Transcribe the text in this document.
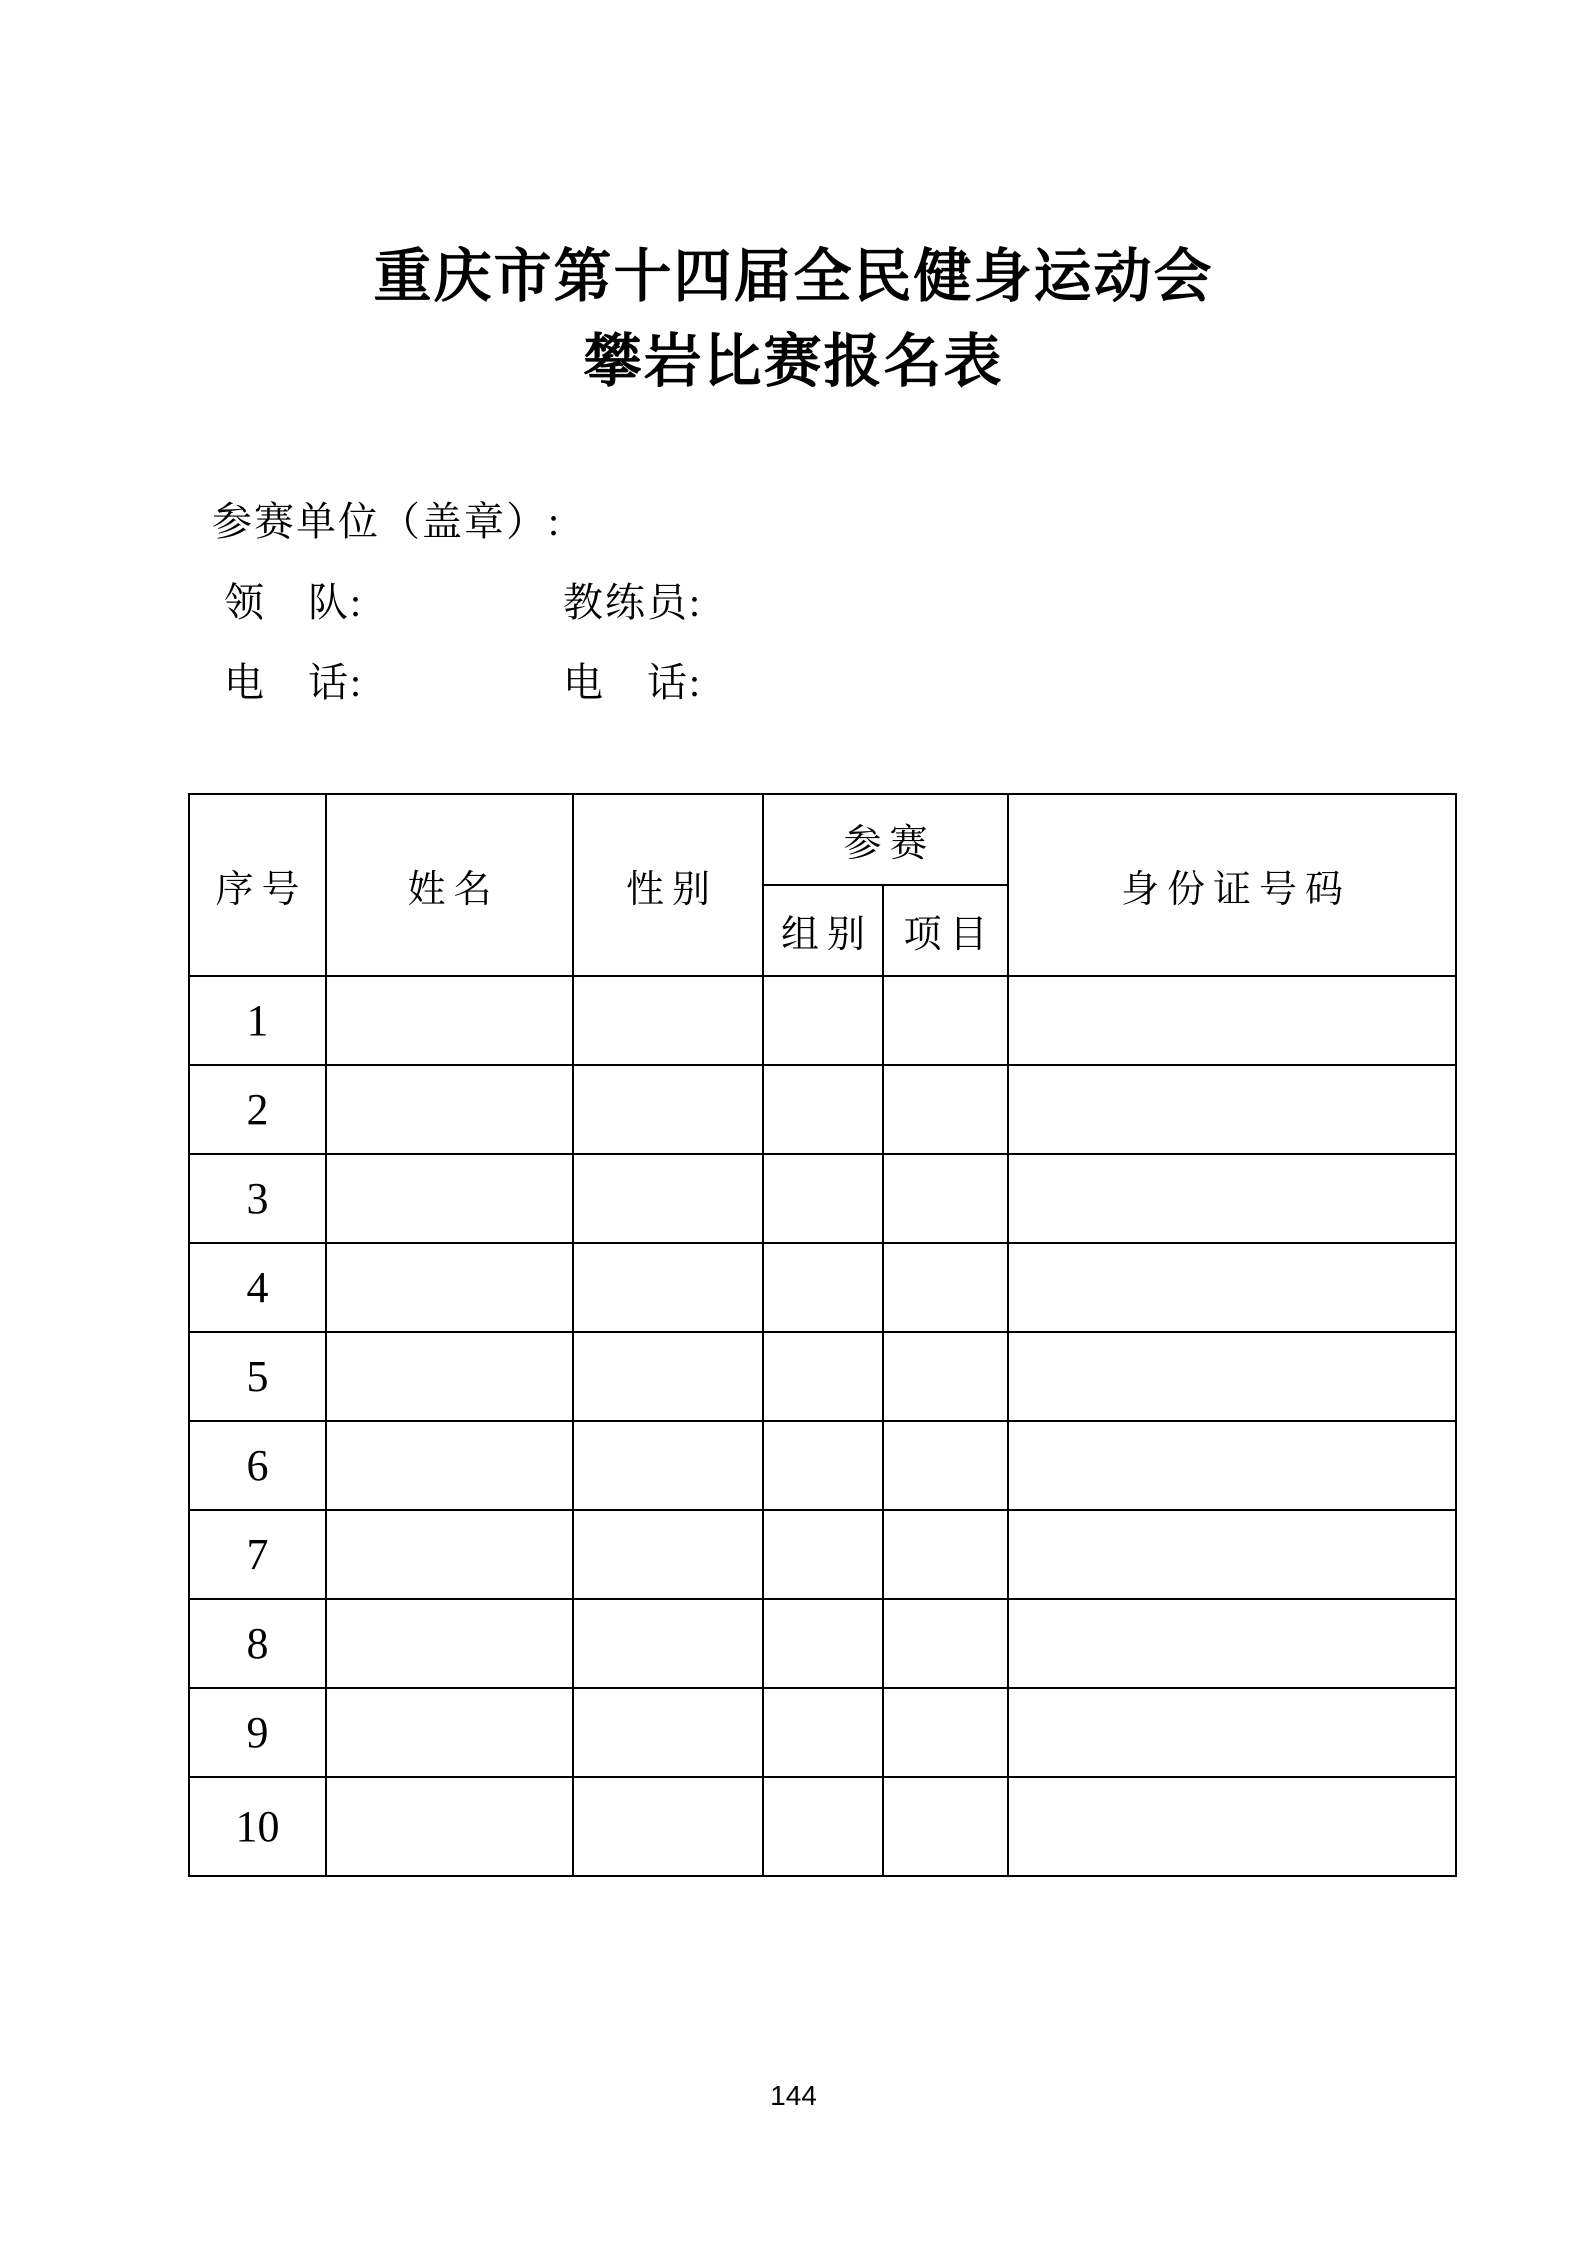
重庆市第十四届全民健身运动会
攀岩比赛报名表
参赛单位（盖章）:
领　队:	教练员:
电　话:	电　话:
序号	姓名	性别	参赛		身份证号码
			组别	项目	
1					
2					
3					
4					
5					
6					
7					
8					
9					
10					
144
